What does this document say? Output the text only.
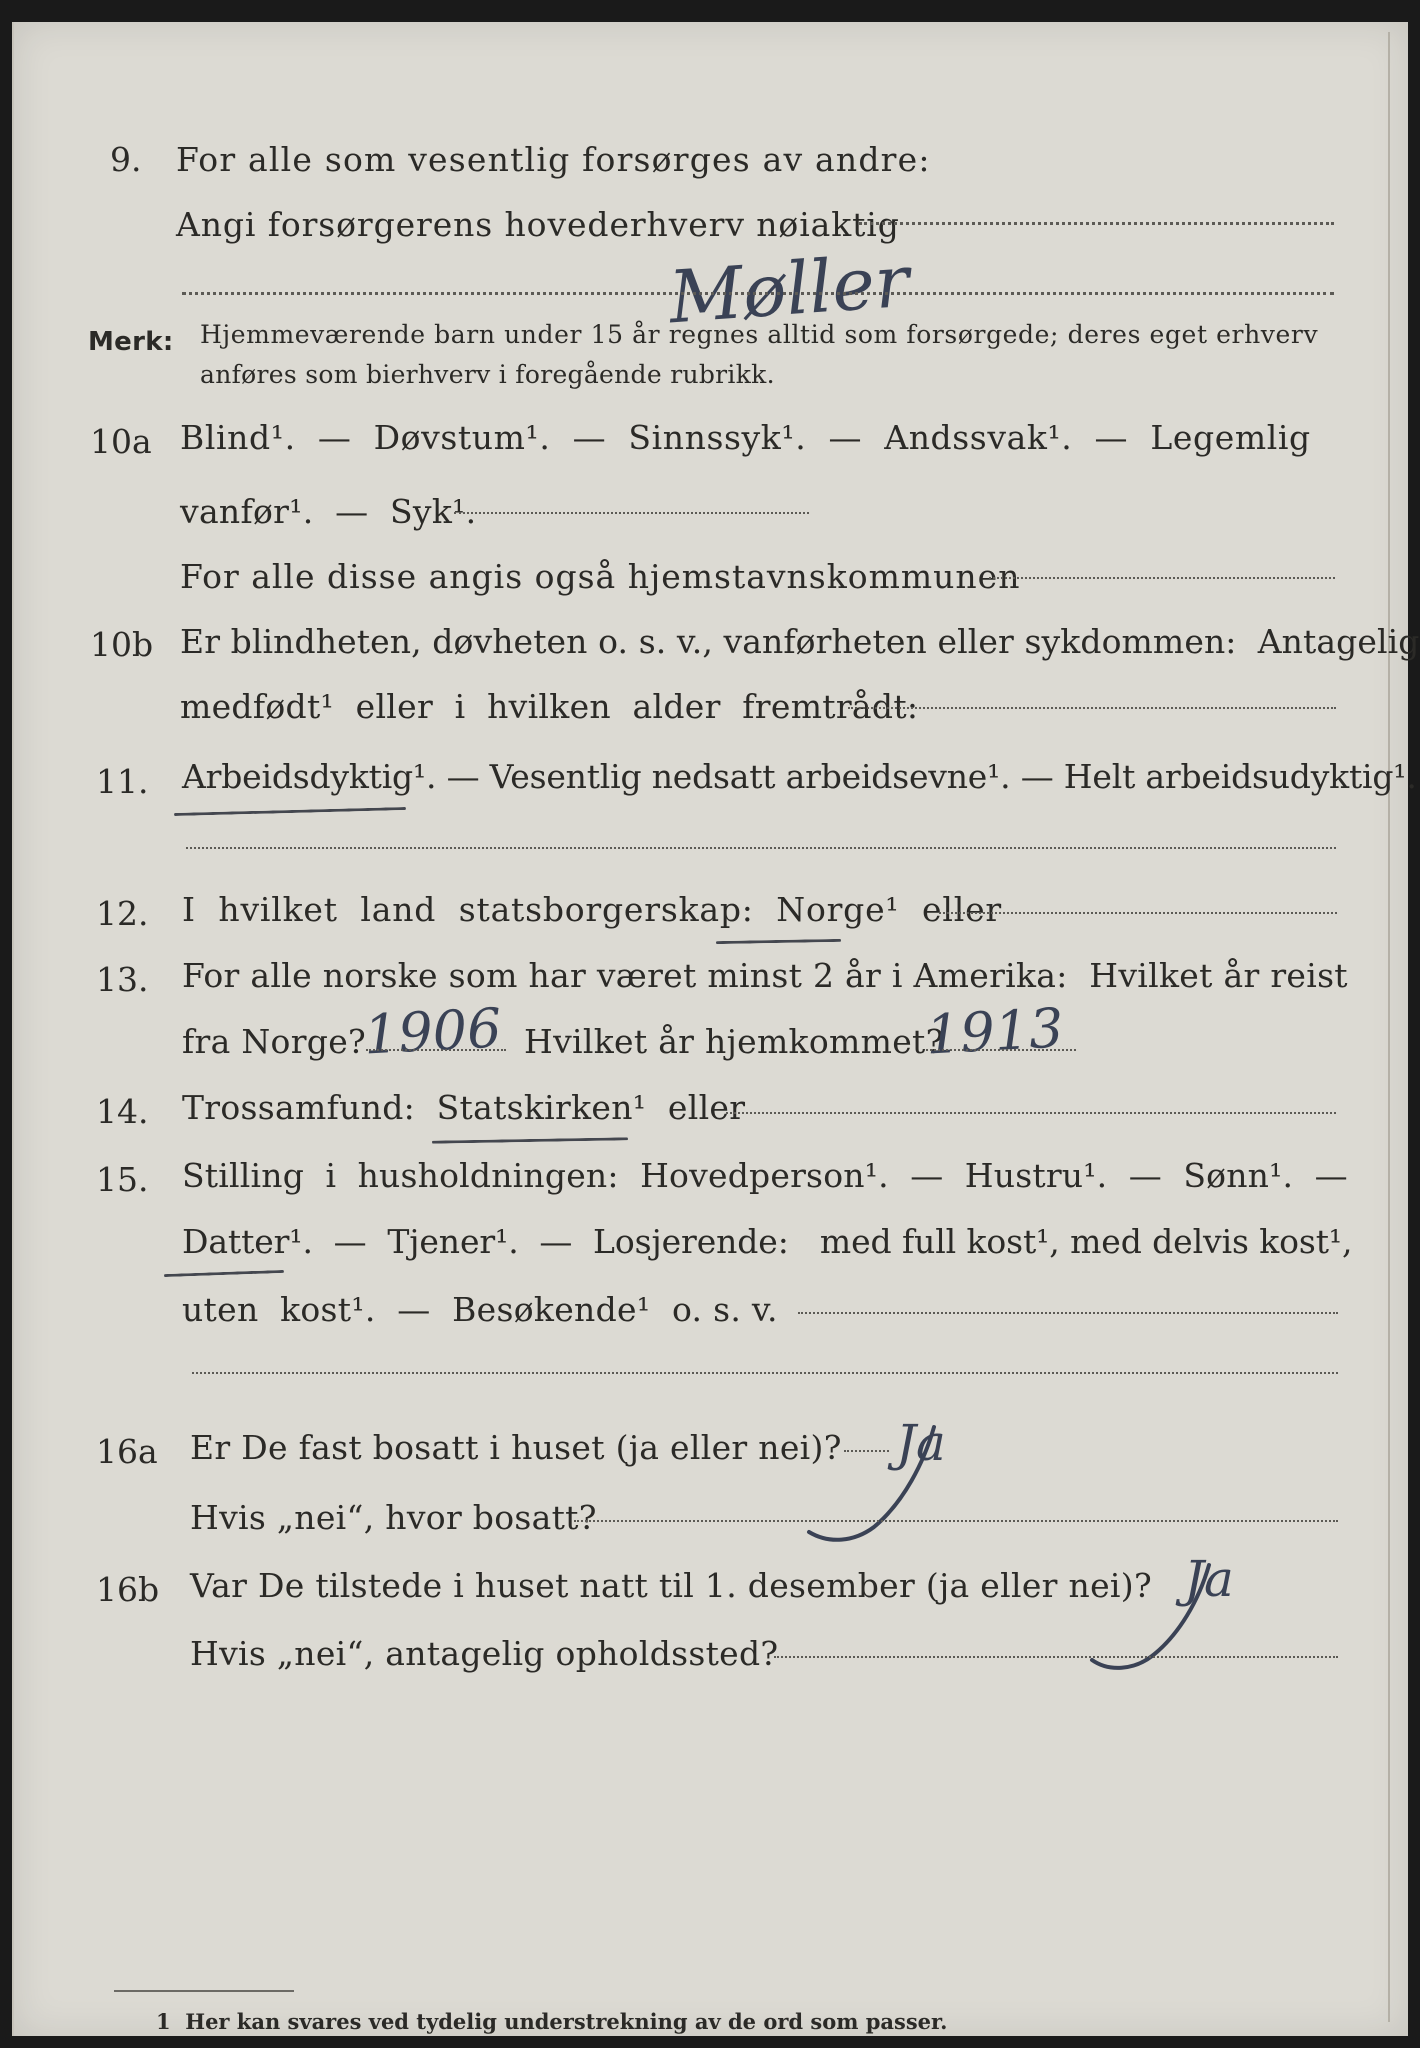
9. For alle som vesentlig forsørges av andre:
Angi forsørgerens hovederhverv nøiaktig
Møller
Merk: Hjemmeværende barn under 15 år regnes alltid som forsørgede; deres eget erhverv
anføres som bierhverv i foregående rubrikk.
10a Blind¹.  —  Døvstum¹.  —  Sinnssyk¹.  —  Andssvak¹.  —  Legemlig
vanfør¹.  —  Syk¹.
For alle disse angis også hjemstavnskommunen
10b Er blindheten, døvheten o. s. v., vanførheten eller sykdommen:  Antagelig
medfødt¹  eller  i  hvilken  alder  fremtrådt:
11. Arbeidsdyktig¹. — Vesentlig nedsatt arbeidsevne¹. — Helt arbeidsudyktig¹.
12. I  hvilket  land  statsborgerskap:  Norge¹  eller
13. For alle norske som har været minst 2 år i Amerika:  Hvilket år reist
fra Norge?
1906 Hvilket år hjemkommet?
1913
14. Trossamfund:  Statskirken¹  eller
15. Stilling  i  husholdningen:  Hovedperson¹.  —  Hustru¹.  —  Sønn¹.  —
Datter¹.  —  Tjener¹.  —  Losjerende:   med full kost¹, med delvis kost¹,
uten  kost¹.  —  Besøkende¹  o. s. v.
16a Er De fast bosatt i huset (ja eller nei)? Ja
Hvis „nei“, hvor bosatt?
16b Var De tilstede i huset natt til 1. desember (ja eller nei)? Ja
Hvis „nei“, antagelig opholdssted?
1  Her kan svares ved tydelig understrekning av de ord som passer.
